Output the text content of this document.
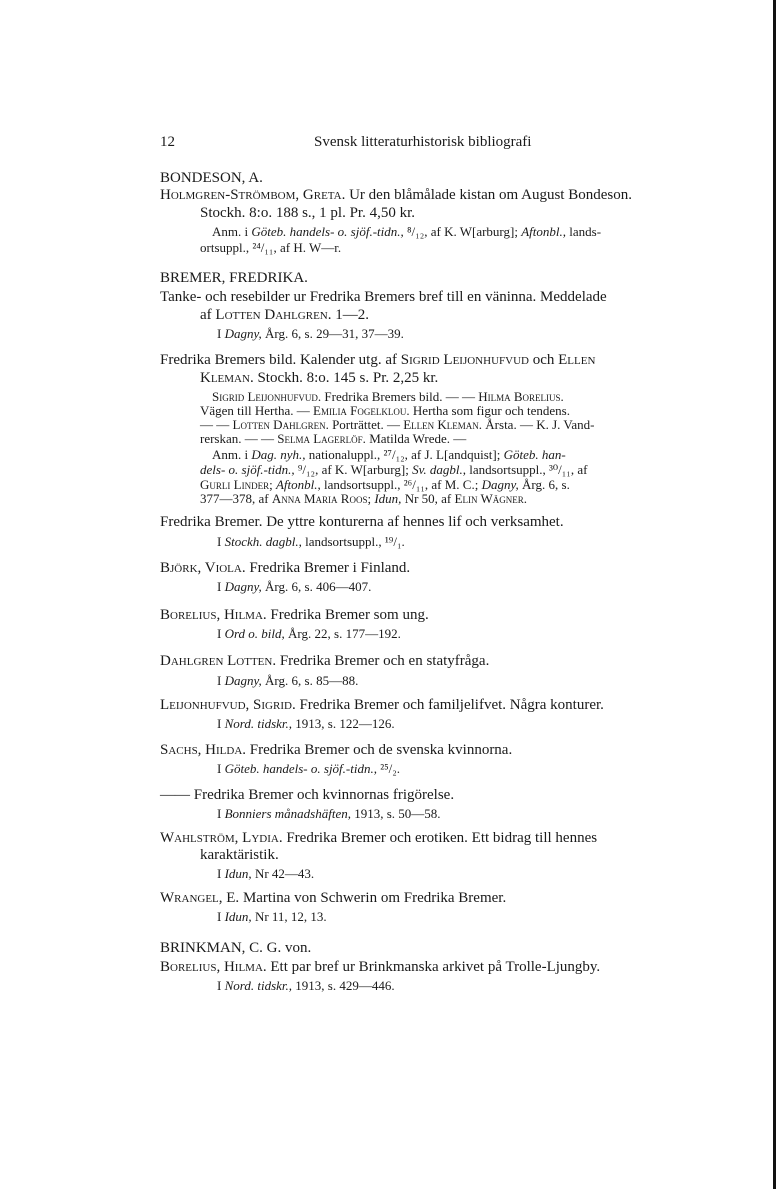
12	Svensk litteraturhistorisk bibliografi
BONDESON, A.
Holmgren-Strömbom, Greta. Ur den blåmålade kistan om August Bondeson.
Stockh. 8:o. 188 s., 1 pl. Pr. 4,50 kr.
Anm. i Göteb. handels- o. sjöf.-tidn., ⁸/₁₂, af K. W[arburg]; Aftonbl., lands-
ortsuppl., ²⁴/₁₁, af H. W—r.
BREMER, FREDRIKA.
Tanke- och resebilder ur Fredrika Bremers bref till en väninna. Meddelade
af Lotten Dahlgren. 1—2.
I Dagny, Årg. 6, s. 29—31, 37—39.
Fredrika Bremers bild. Kalender utg. af Sigrid Leijonhufvud och Ellen
Kleman. Stockh. 8:o. 145 s. Pr. 2,25 kr.
Sigrid Leijonhufvud. Fredrika Bremers bild. — — Hilma Borelius.
Vägen till Hertha. — Emilia Fogelklou. Hertha som figur och tendens.
— — Lotten Dahlgren. Porträttet. — Ellen Kleman. Årsta. — K. J. Vand-
rerskan. — — Selma Lagerlöf. Matilda Wrede. —
Anm. i Dag. nyh., nationaluppl., ²⁷/₁₂, af J. L[andquist]; Göteb. han-
dels- o. sjöf.-tidn., ⁹/₁₂, af K. W[arburg]; Sv. dagbl., landsortsuppl., ³⁰/₁₁, af
Gurli Linder; Aftonbl., landsortsuppl., ²⁶/₁₁, af M. C.; Dagny, Årg. 6, s.
377—378, af Anna Maria Roos; Idun, Nr 50, af Elin Wägner.
Fredrika Bremer. De yttre konturerna af hennes lif och verksamhet.
I Stockh. dagbl., landsortsuppl., ¹⁹/₁.
Björk, Viola. Fredrika Bremer i Finland.
I Dagny, Årg. 6, s. 406—407.
Borelius, Hilma. Fredrika Bremer som ung.
I Ord o. bild, Årg. 22, s. 177—192.
Dahlgren Lotten. Fredrika Bremer och en statyfråga.
I Dagny, Årg. 6, s. 85—88.
Leijonhufvud, Sigrid. Fredrika Bremer och familjelifvet. Några konturer.
I Nord. tidskr., 1913, s. 122—126.
Sachs, Hilda. Fredrika Bremer och de svenska kvinnorna.
I Göteb. handels- o. sjöf.-tidn., ²⁵/₂.
—— Fredrika Bremer och kvinnornas frigörelse.
I Bonniers månadshäften, 1913, s. 50—58.
Wahlström, Lydia. Fredrika Bremer och erotiken. Ett bidrag till hennes
karaktäristik.
I Idun, Nr 42—43.
Wrangel, E. Martina von Schwerin om Fredrika Bremer.
I Idun, Nr 11, 12, 13.
BRINKMAN, C. G. von.
Borelius, Hilma. Ett par bref ur Brinkmanska arkivet på Trolle-Ljungby.
I Nord. tidskr., 1913, s. 429—446.
